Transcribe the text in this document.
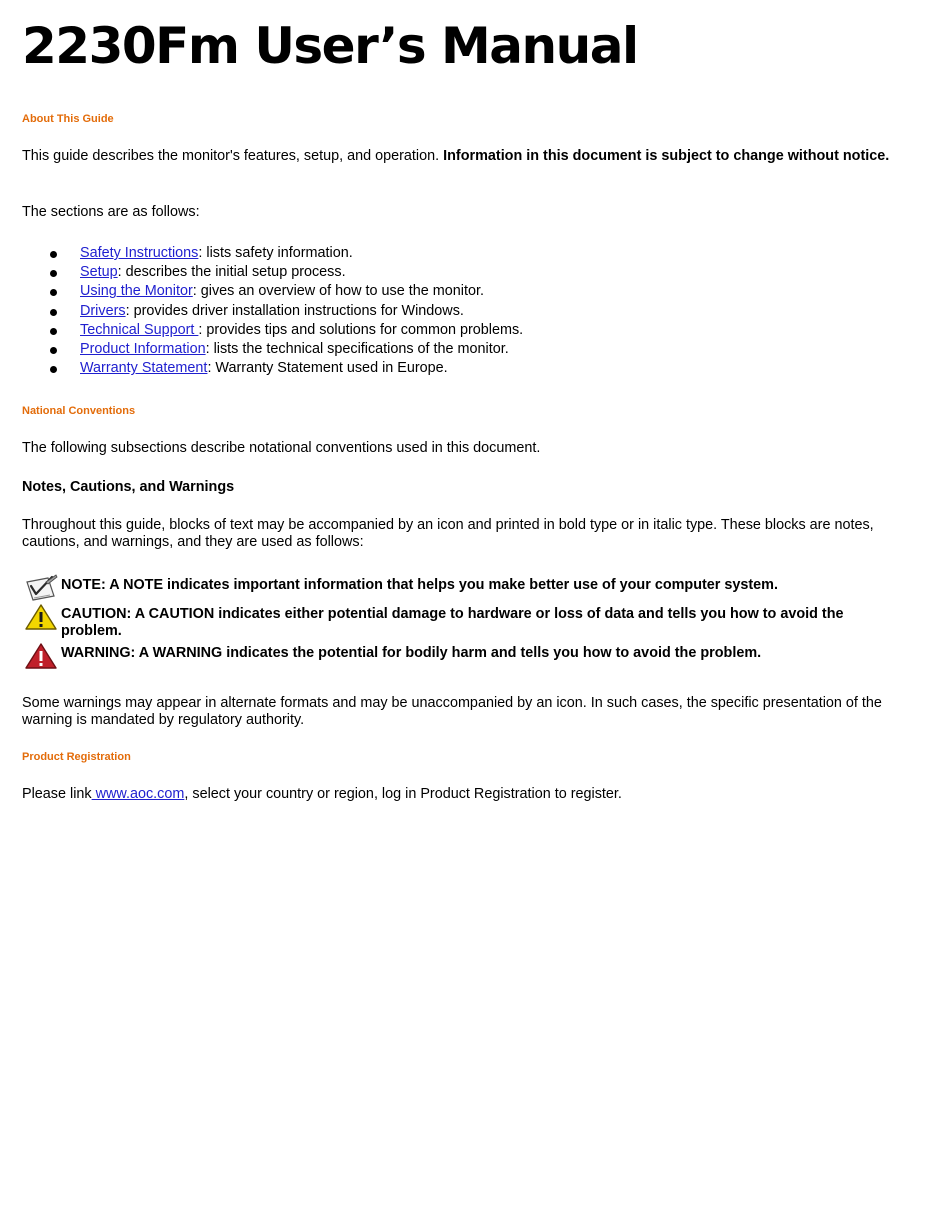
2230Fm User’s Manual
About This Guide

This guide describes the monitor's features, setup, and operation. Information in this document is subject to change without notice.

The sections are as follows:

Safety Instructions: lists safety information.
Setup: describes the initial setup process.
Using the Monitor: gives an overview of how to use the monitor.
Drivers: provides driver installation instructions for Windows.
Technical Support : provides tips and solutions for common problems.
Product Information: lists the technical specifications of the monitor.
Warranty Statement: Warranty Statement used in Europe.
National Conventions

The following subsections describe notational conventions used in this document.

Notes, Cautions, and Warnings

Throughout this guide, blocks of text may be accompanied by an icon and printed in bold type or in italic type. These blocks are notes, cautions, and warnings, and they are used as follows:

NOTE: A NOTE indicates important information that helps you make better use of your computer system.
CAUTION: A CAUTION indicates either potential damage to hardware or loss of data and tells you how to avoid the problem.
WARNING: A WARNING indicates the potential for bodily harm and tells you how to avoid the problem.

Some warnings may appear in alternate formats and may be unaccompanied by an icon. In such cases, the specific presentation of the warning is mandated by regulatory authority.

Product Registration

Please link www.aoc.com, select your country or region, log in Product Registration to register.
